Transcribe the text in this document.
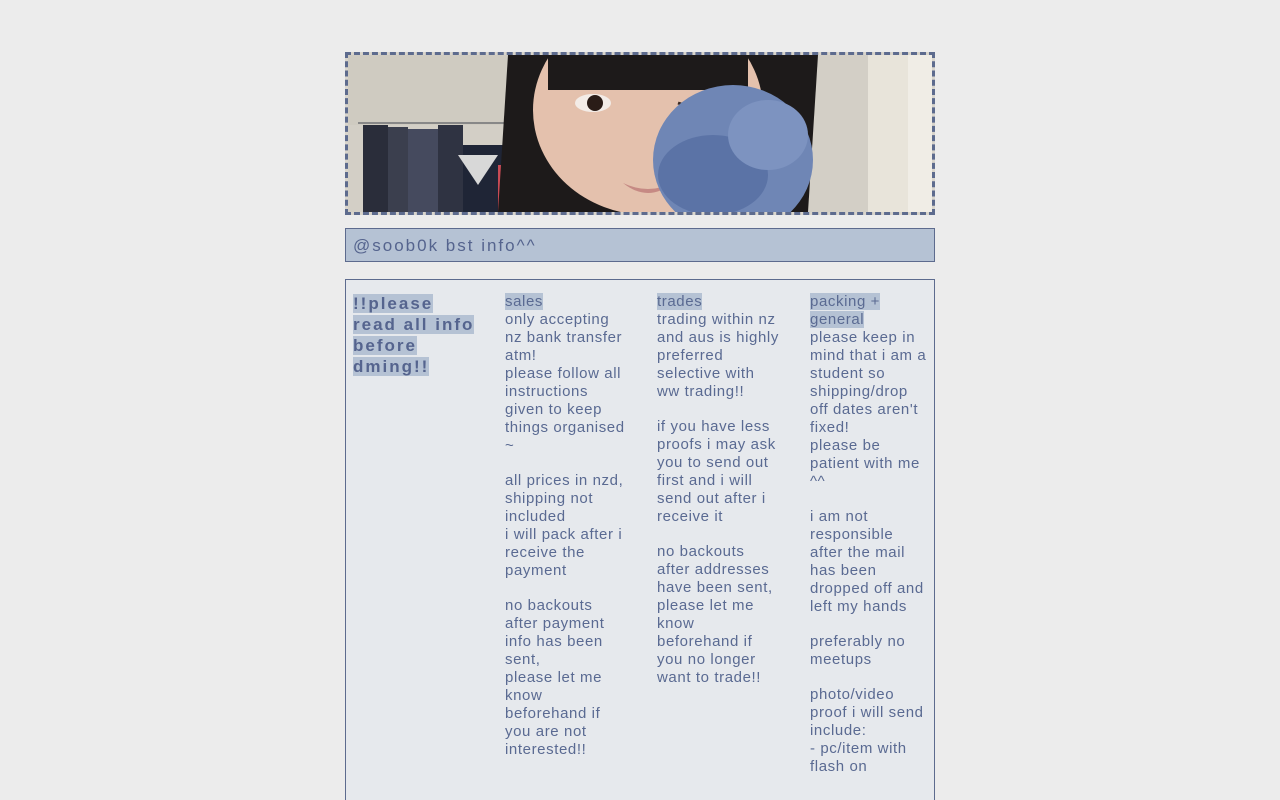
@soob0k bst info^^
!!please read all info before dming!!
sales
only accepting nz bank transfer atm!
please follow all instructions given to keep things organised ~
all prices in nzd, shipping not included
i will pack after i receive the payment
no backouts after payment info has been sent,
please let me know beforehand if you are not interested!!
trades
trading within nz and aus is highly preferred selective with ww trading!!
if you have less proofs i may ask you to send out first and i will send out after i receive it
no backouts after addresses have been sent,
please let me know beforehand if you no longer want to trade!!
packing + general
please keep in mind that i am a student so shipping/drop off dates aren't fixed!
please be patient with me ^^
i am not responsible after the mail has been dropped off and left my hands
preferably no meetups
photo/video proof i will send include:
- pc/item with flash on
